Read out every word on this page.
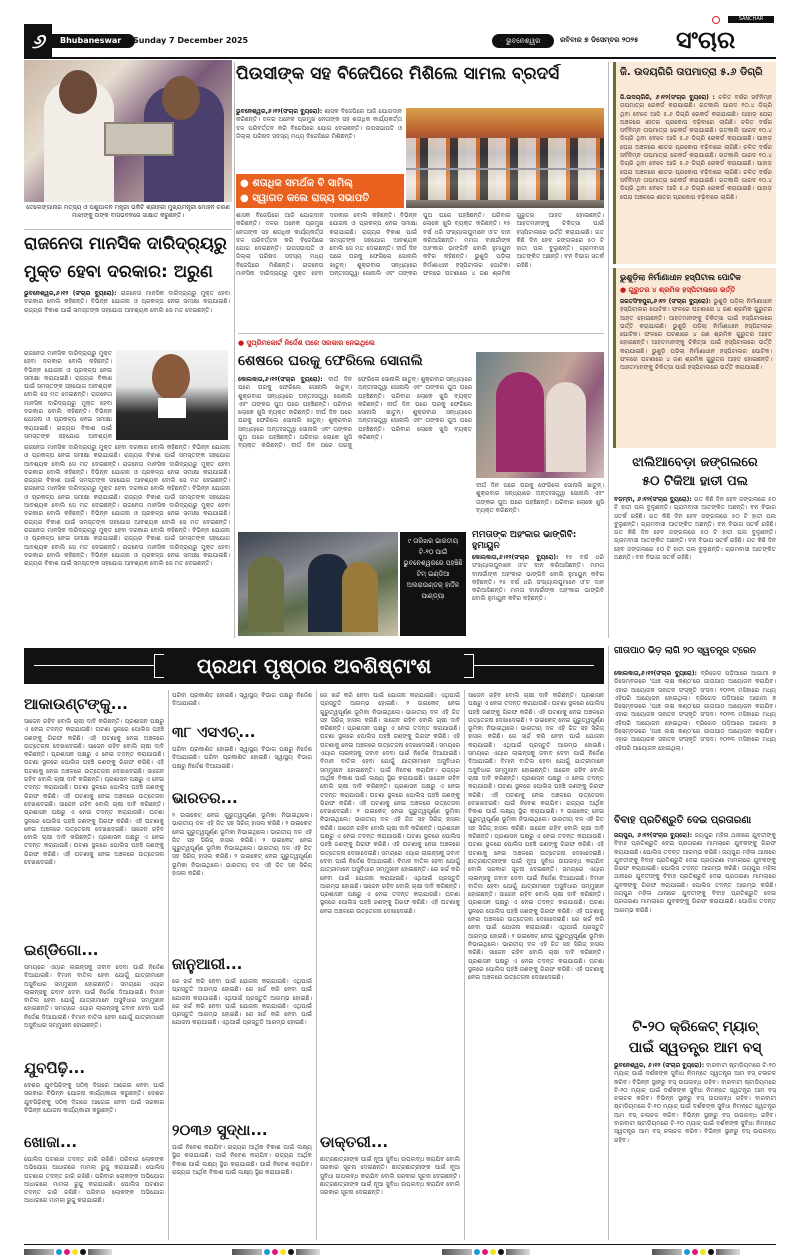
୬	Bhubaneswar	Sunday 7 December 2025	ଭୁବନେଶ୍ୱର	ରବିବାର ୭ ଡିସେମ୍ବର ୨୦୨୫
SANCHAR
ସଂଚାର
ତେଲେଙ୍ଗାନାର ମତ୍ସ୍ୟ ଓ ପଶୁପାଳନ ମନ୍ତ୍ରୀ ଭକିଟି ଶ୍ରୀହରୀ ମୁଖ୍ୟମନ୍ତ୍ରୀ ମୋହନ ଚରଣ ମାଝୀଙ୍କୁ ତାଙ୍କ ବାସଭବନରେ ସାକ୍ଷାତ କରୁଛନ୍ତି।
ପିଉସୀଙ୍କ ସହ ବିଜେପିରେ ମିଶିଲେ ସାମଲ ବ୍ରଦର୍ସ
ଭୁବନେଶ୍ୱର,୬।୧୨(ସଂଚାର ବ୍ୟୁରୋ): ଶାସକ ବିଜେପିରେ ଆଜି ଯୋଗଦାନ କରିଛନ୍ତି। ଦଳର ଅନେକ ପ୍ରମୁଖ ନେତାଙ୍କ ସହ ଶତାଧିକ କାର୍ଯ୍ୟକର୍ତ୍ତା ଦଳ ପରିବର୍ତ୍ତନ କରି ବିଜେପିରେ ଯୋଗ ଦେଇଛନ୍ତି। ଉପସଭାପତି ଓ ଜିଲ୍ଲା ପରିଷଦ ସଦସ୍ୟ ମଧ୍ୟ ବିଜେପିରେ ମିଶିଛନ୍ତି।
● ଶତାଧିକ ସମର୍ଥକ ବି ସାମିଲ୍
● ସ୍ୱାଗତ କଲେ ରାଜ୍ୟ ସଭାପତି
ଶାସକ ବିଜେପିରେ ଆଜି ଯୋଗଦାନ କରିଛନ୍ତି। ଦଳର ଅନେକ ପ୍ରମୁଖ ନେତାଙ୍କ ସହ ଶତାଧିକ କାର୍ଯ୍ୟକର୍ତ୍ତା ଦଳ ପରିବର୍ତ୍ତନ କରି ବିଜେପିରେ ଯୋଗ ଦେଇଛନ୍ତି। ଉପସଭାପତି ଓ ଜିଲ୍ଲା ପରିଷଦ ସଦସ୍ୟ ମଧ୍ୟ ବିଜେପିରେ ମିଶିଛନ୍ତି। ରାଜନେତା ମାନସିକ ଦାରିଦ୍ର୍ୟରୁ ମୁକ୍ତ ହେବା ଦରକାର ବୋଲି କହିଛନ୍ତି। ବିଭିନ୍ନ ଯୋଜନା ଓ ପ୍ରକଳ୍ପ ନେଇ ସମୀକ୍ଷା କରାଯାଇଛି। ରାଜ୍ୟର ବିକାଶ ପାଇଁ ସମସ୍ତଙ୍କ ସହଯୋଗ ଆବଶ୍ୟକ ବୋଲି ସେ ମତ ଦେଇଛନ୍ତି। ଦୀର୍ଘ ଦିନ ପରେ ଘରକୁ ଫେରିଲେ ସୋନାଲି ଖାତୁନ୍। ଶୁକ୍ରବାର ସନ୍ଧ୍ୟାରେ ଅନ୍ତଃସତ୍ତ୍ୱା ସୋନାଲି ଏବଂ ତାଙ୍କର ପୁଅ ଘରେ ପହଞ୍ଚିଛନ୍ତି। ପରିବାର ଲୋକେ ଖୁସି ବ୍ୟକ୍ତ କରିଛନ୍ତି। ୧୫ ବର୍ଷ ଧରି ସଂଖ୍ୟାଲଘୁମାନେ ଓ'ଟ ଦାନ କରିଆସିଛନ୍ତି। ମମତା ବାନାର୍ଜୀଙ୍କ ଅହଂକାର ଭାଙ୍ଗିବି ବୋଲି ହୁମାୟୁନ କବିର କହିଛନ୍ତି। ଭୁଶୁଡ଼ି ପଡ଼ିଲା ନିର୍ମାଣାଧୀନ ହସ୍ପିଟାଲର ପୋଟିକ। ଫଳରେ ଘଟଣାରେ ୪ ଜଣ ଶ୍ରମିକ ଗୁରୁତର ଆହତ ହୋଇଛନ୍ତି। ଆହତମାନଙ୍କୁ ଚିକିତ୍ସା ପାଇଁ ହସ୍ପିଟାଲରେ ଭର୍ତ୍ତି କରାଯାଇଛି। ଗତ କିଛି ଦିନ ହେବ ଜଙ୍ଗଲରେ ୫୦ ଟି ହାତୀ ପଲ ବୁଲୁଛନ୍ତି। ଗ୍ରାମବାସୀ ଆତଙ୍କିତ ଅଛନ୍ତି। ବନ ବିଭାଗ ସତର୍କ ରହିଛି।
ଜି. ଉଦୟଗିରି ତାପମାତ୍ରା ୫.୬ ଡିଗ୍ରି
ଜି.ଉଦୟଗିରି, ୬।୧୨(ସଂଚାର ବ୍ୟୁରୋ) : ଚଳିତ ବର୍ଷର ସର୍ବନିମ୍ନ ତାପମାତ୍ରା ରେକର୍ଡ କରାଯାଇଛି। ଗତକାଲି ପାରଦ ୧୦.୪ ଡିଗ୍ରି ଥିବା ବେଳେ ଆଜି ୫.୬ ଡିଗ୍ରି ରେକର୍ଡ କରାଯାଇଛି। ପାହାଡ଼ ଘେରା ଅଞ୍ଚଳରେ ଶୀତର ପ୍ରକୋପ ବଢ଼ିବାରେ ଲାଗିଛି। ଚଳିତ ବର୍ଷର ସର୍ବନିମ୍ନ ତାପମାତ୍ରା ରେକର୍ଡ କରାଯାଇଛି। ଗତକାଲି ପାରଦ ୧୦.୪ ଡିଗ୍ରି ଥିବା ବେଳେ ଆଜି ୫.୬ ଡିଗ୍ରି ରେକର୍ଡ କରାଯାଇଛି। ପାହାଡ଼ ଘେରା ଅଞ୍ଚଳରେ ଶୀତର ପ୍ରକୋପ ବଢ଼ିବାରେ ଲାଗିଛି। ଚଳିତ ବର୍ଷର ସର୍ବନିମ୍ନ ତାପମାତ୍ରା ରେକର୍ଡ କରାଯାଇଛି। ଗତକାଲି ପାରଦ ୧୦.୪ ଡିଗ୍ରି ଥିବା ବେଳେ ଆଜି ୫.୬ ଡିଗ୍ରି ରେକର୍ଡ କରାଯାଇଛି। ପାହାଡ଼ ଘେରା ଅଞ୍ଚଳରେ ଶୀତର ପ୍ରକୋପ ବଢ଼ିବାରେ ଲାଗିଛି। ଚଳିତ ବର୍ଷର ସର୍ବନିମ୍ନ ତାପମାତ୍ରା ରେକର୍ଡ କରାଯାଇଛି। ଗତକାଲି ପାରଦ ୧୦.୪ ଡିଗ୍ରି ଥିବା ବେଳେ ଆଜି ୫.୬ ଡିଗ୍ରି ରେକର୍ଡ କରାଯାଇଛି। ପାହାଡ଼ ଘେରା ଅଞ୍ଚଳରେ ଶୀତର ପ୍ରକୋପ ବଢ଼ିବାରେ ଲାଗିଛି।
ଭୁଶୁଡ଼ିଲା ନିର୍ମାଣାଧୀନ ହସ୍ପିଟାଲ ପୋଟିକ
● ଗୁରୁତର ୪ ଶ୍ରମିକ ହସ୍ପିଟାଲରେ ଭର୍ତ୍ତି
ଜଗତସିଂହପୁର,୬।୧୨ (ସଂଚାର ବ୍ୟୁରୋ): ଭୁଶୁଡ଼ି ପଡ଼ିଲା ନିର୍ମାଣାଧୀନ ହସ୍ପିଟାଲର ପୋଟିକ। ଫଳରେ ଘଟଣାରେ ୪ ଜଣ ଶ୍ରମିକ ଗୁରୁତର ଆହତ ହୋଇଛନ୍ତି। ଆହତମାନଙ୍କୁ ଚିକିତ୍ସା ପାଇଁ ହସ୍ପିଟାଲରେ ଭର୍ତ୍ତି କରାଯାଇଛି। ଭୁଶୁଡ଼ି ପଡ଼ିଲା ନିର୍ମାଣାଧୀନ ହସ୍ପିଟାଲର ପୋଟିକ। ଫଳରେ ଘଟଣାରେ ୪ ଜଣ ଶ୍ରମିକ ଗୁରୁତର ଆହତ ହୋଇଛନ୍ତି। ଆହତମାନଙ୍କୁ ଚିକିତ୍ସା ପାଇଁ ହସ୍ପିଟାଲରେ ଭର୍ତ୍ତି କରାଯାଇଛି। ଭୁଶୁଡ଼ି ପଡ଼ିଲା ନିର୍ମାଣାଧୀନ ହସ୍ପିଟାଲର ପୋଟିକ। ଫଳରେ ଘଟଣାରେ ୪ ଜଣ ଶ୍ରମିକ ଗୁରୁତର ଆହତ ହୋଇଛନ୍ତି। ଆହତମାନଙ୍କୁ ଚିକିତ୍ସା ପାଇଁ ହସ୍ପିଟାଲରେ ଭର୍ତ୍ତି କରାଯାଇଛି।
ଝାଲିଆବେଡ଼ା ଜଙ୍ଗଲରେ
୫୦ ଟିକିଆ ହାତୀ ପଲ
ବଡ଼ମ୍ବା, ୬।୧୨(ସଂଚାର ବ୍ୟୁରୋ): ଗତ କିଛି ଦିନ ହେବ ଜଙ୍ଗଲରେ ୫୦ ଟି ହାତୀ ପଲ ବୁଲୁଛନ୍ତି। ଗ୍ରାମବାସୀ ଆତଙ୍କିତ ଅଛନ୍ତି। ବନ ବିଭାଗ ସତର୍କ ରହିଛି। ଗତ କିଛି ଦିନ ହେବ ଜଙ୍ଗଲରେ ୫୦ ଟି ହାତୀ ପଲ ବୁଲୁଛନ୍ତି। ଗ୍ରାମବାସୀ ଆତଙ୍କିତ ଅଛନ୍ତି। ବନ ବିଭାଗ ସତର୍କ ରହିଛି। ଗତ କିଛି ଦିନ ହେବ ଜଙ୍ଗଲରେ ୫୦ ଟି ହାତୀ ପଲ ବୁଲୁଛନ୍ତି। ଗ୍ରାମବାସୀ ଆତଙ୍କିତ ଅଛନ୍ତି। ବନ ବିଭାଗ ସତର୍କ ରହିଛି। ଗତ କିଛି ଦିନ ହେବ ଜଙ୍ଗଲରେ ୫୦ ଟି ହାତୀ ପଲ ବୁଲୁଛନ୍ତି। ଗ୍ରାମବାସୀ ଆତଙ୍କିତ ଅଛନ୍ତି। ବନ ବିଭାଗ ସତର୍କ ରହିଛି।
ରାଜନେତା ମାନସିକ ଦାରିଦ୍ର୍ୟରୁ
ମୁକ୍ତ ହେବା ଦରକାର: ଅରୁଣ
ଭୁବନେଶ୍ୱର,୬।୧୨ (ସଂଚାର ବ୍ୟୁରୋ): ରାଜନେତା ମାନସିକ ଦାରିଦ୍ର୍ୟରୁ ମୁକ୍ତ ହେବା ଦରକାର ବୋଲି କହିଛନ୍ତି। ବିଭିନ୍ନ ଯୋଜନା ଓ ପ୍ରକଳ୍ପ ନେଇ ସମୀକ୍ଷା କରାଯାଇଛି। ରାଜ୍ୟର ବିକାଶ ପାଇଁ ସମସ୍ତଙ୍କ ସହଯୋଗ ଆବଶ୍ୟକ ବୋଲି ସେ ମତ ଦେଇଛନ୍ତି।
ରାଜନେତା ମାନସିକ ଦାରିଦ୍ର୍ୟରୁ ମୁକ୍ତ ହେବା ଦରକାର ବୋଲି କହିଛନ୍ତି। ବିଭିନ୍ନ ଯୋଜନା ଓ ପ୍ରକଳ୍ପ ନେଇ ସମୀକ୍ଷା କରାଯାଇଛି। ରାଜ୍ୟର ବିକାଶ ପାଇଁ ସମସ୍ତଙ୍କ ସହଯୋଗ ଆବଶ୍ୟକ ବୋଲି ସେ ମତ ଦେଇଛନ୍ତି। ରାଜନେତା ମାନସିକ ଦାରିଦ୍ର୍ୟରୁ ମୁକ୍ତ ହେବା ଦରକାର ବୋଲି କହିଛନ୍ତି। ବିଭିନ୍ନ ଯୋଜନା ଓ ପ୍ରକଳ୍ପ ନେଇ ସମୀକ୍ଷା କରାଯାଇଛି। ରାଜ୍ୟର ବିକାଶ ପାଇଁ ସମସ୍ତଙ୍କ ସହଯୋଗ ଆବଶ୍ୟକ
ରାଜନେତା ମାନସିକ ଦାରିଦ୍ର୍ୟରୁ ମୁକ୍ତ ହେବା ଦରକାର ବୋଲି କହିଛନ୍ତି। ବିଭିନ୍ନ ଯୋଜନା ଓ ପ୍ରକଳ୍ପ ନେଇ ସମୀକ୍ଷା କରାଯାଇଛି। ରାଜ୍ୟର ବିକାଶ ପାଇଁ ସମସ୍ତଙ୍କ ସହଯୋଗ ଆବଶ୍ୟକ ବୋଲି ସେ ମତ ଦେଇଛନ୍ତି। ରାଜନେତା ମାନସିକ ଦାରିଦ୍ର୍ୟରୁ ମୁକ୍ତ ହେବା ଦରକାର ବୋଲି କହିଛନ୍ତି। ବିଭିନ୍ନ ଯୋଜନା ଓ ପ୍ରକଳ୍ପ ନେଇ ସମୀକ୍ଷା କରାଯାଇଛି। ରାଜ୍ୟର ବିକାଶ ପାଇଁ ସମସ୍ତଙ୍କ ସହଯୋଗ ଆବଶ୍ୟକ ବୋଲି ସେ ମତ ଦେଇଛନ୍ତି। ରାଜନେତା ମାନସିକ ଦାରିଦ୍ର୍ୟରୁ ମୁକ୍ତ ହେବା ଦରକାର ବୋଲି କହିଛନ୍ତି। ବିଭିନ୍ନ ଯୋଜନା ଓ ପ୍ରକଳ୍ପ ନେଇ ସମୀକ୍ଷା କରାଯାଇଛି। ରାଜ୍ୟର ବିକାଶ ପାଇଁ ସମସ୍ତଙ୍କ ସହଯୋଗ ଆବଶ୍ୟକ ବୋଲି ସେ ମତ ଦେଇଛନ୍ତି। ରାଜନେତା ମାନସିକ ଦାରିଦ୍ର୍ୟରୁ ମୁକ୍ତ ହେବା ଦରକାର ବୋଲି କହିଛନ୍ତି। ବିଭିନ୍ନ ଯୋଜନା ଓ ପ୍ରକଳ୍ପ ନେଇ ସମୀକ୍ଷା କରାଯାଇଛି। ରାଜ୍ୟର ବିକାଶ ପାଇଁ ସମସ୍ତଙ୍କ ସହଯୋଗ ଆବଶ୍ୟକ ବୋଲି ସେ ମତ ଦେଇଛନ୍ତି। ରାଜନେତା ମାନସିକ ଦାରିଦ୍ର୍ୟରୁ ମୁକ୍ତ ହେବା ଦରକାର ବୋଲି କହିଛନ୍ତି। ବିଭିନ୍ନ ଯୋଜନା ଓ ପ୍ରକଳ୍ପ ନେଇ ସମୀକ୍ଷା କରାଯାଇଛି। ରାଜ୍ୟର ବିକାଶ ପାଇଁ ସମସ୍ତଙ୍କ ସହଯୋଗ ଆବଶ୍ୟକ ବୋଲି ସେ ମତ ଦେଇଛନ୍ତି। ରାଜନେତା ମାନସିକ ଦାରିଦ୍ର୍ୟରୁ ମୁକ୍ତ ହେବା ଦରକାର ବୋଲି କହିଛନ୍ତି। ବିଭିନ୍ନ ଯୋଜନା ଓ ପ୍ରକଳ୍ପ ନେଇ ସମୀକ୍ଷା କରାଯାଇଛି। ରାଜ୍ୟର ବିକାଶ ପାଇଁ ସମସ୍ତଙ୍କ ସହଯୋଗ ଆବଶ୍ୟକ ବୋଲି ସେ ମତ ଦେଇଛନ୍ତି।
● ସୁପ୍ରିମକୋର୍ଟ ନିର୍ଦ୍ଦେଶ ପରେ ସରକାର ନେଇଥିଲେ
ଶେଷରେ ଘରକୁ ଫେରିଲେ ସୋନାଲି
କୋଲକାତା,୬।୧୨(ସଂଚାର ବ୍ୟୁରୋ): ଦୀର୍ଘ ଦିନ ପରେ ଘରକୁ ଫେରିଲେ ସୋନାଲି ଖାତୁନ୍। ଶୁକ୍ରବାର ସନ୍ଧ୍ୟାରେ ଅନ୍ତଃସତ୍ତ୍ୱା ସୋନାଲି ଏବଂ ତାଙ୍କର ପୁଅ ଘରେ ପହଞ୍ଚିଛନ୍ତି। ପରିବାର ଲୋକେ ଖୁସି ବ୍ୟକ୍ତ କରିଛନ୍ତି। ଦୀର୍ଘ ଦିନ ପରେ ଘରକୁ ଫେରିଲେ ସୋନାଲି ଖାତୁନ୍। ଶୁକ୍ରବାର ସନ୍ଧ୍ୟାରେ ଅନ୍ତଃସତ୍ତ୍ୱା ସୋନାଲି ଏବଂ ତାଙ୍କର ପୁଅ ଘରେ ପହଞ୍ଚିଛନ୍ତି। ପରିବାର ଲୋକେ ଖୁସି ବ୍ୟକ୍ତ କରିଛନ୍ତି। ଦୀର୍ଘ ଦିନ ପରେ ଘରକୁ ଫେରିଲେ ସୋନାଲି ଖାତୁନ୍। ଶୁକ୍ରବାର ସନ୍ଧ୍ୟାରେ ଅନ୍ତଃସତ୍ତ୍ୱା ସୋନାଲି ଏବଂ ତାଙ୍କର ପୁଅ ଘରେ ପହଞ୍ଚିଛନ୍ତି। ପରିବାର ଲୋକେ ଖୁସି ବ୍ୟକ୍ତ କରିଛନ୍ତି। ଦୀର୍ଘ ଦିନ ପରେ ଘରକୁ ଫେରିଲେ ସୋନାଲି ଖାତୁନ୍। ଶୁକ୍ରବାର ସନ୍ଧ୍ୟାରେ ଅନ୍ତଃସତ୍ତ୍ୱା ସୋନାଲି ଏବଂ ତାଙ୍କର ପୁଅ ଘରେ ପହଞ୍ଚିଛନ୍ତି। ପରିବାର ଲୋକେ ଖୁସି ବ୍ୟକ୍ତ କରିଛନ୍ତି।
ଦୀର୍ଘ ଦିନ ପରେ ଘରକୁ ଫେରିଲେ ସୋନାଲି ଖାତୁନ୍। ଶୁକ୍ରବାର ସନ୍ଧ୍ୟାରେ ଅନ୍ତଃସତ୍ତ୍ୱା ସୋନାଲି ଏବଂ ତାଙ୍କର ପୁଅ ଘରେ ପହଞ୍ଚିଛନ୍ତି। ପରିବାର ଲୋକେ ଖୁସି ବ୍ୟକ୍ତ କରିଛନ୍ତି।
୯ ତାରିଖର ଭାରତୀୟ ଟି-୨୦ ପାଇଁ ଭୁବନେଶ୍ୱରରେ ପହଞ୍ଚିଛି ଟିମ୍ ଇଣ୍ଡିଆ ଅଲରାଉଣ୍ଡର୍ ହାର୍ଦ୍ଦିକ ପାଣ୍ଡ୍ୟା
ମମତାଙ୍କ ଅହଂକାର ଭାଙ୍ଗିବି: ହୁମାୟୁନ
କୋଲକାତା,୬।୧୨(ସଂଚାର ବ୍ୟୁରୋ): ୧୫ ବର୍ଷ ଧରି ସଂଖ୍ୟାଲଘୁମାନେ ଓ'ଟ ଦାନ କରିଆସିଛନ୍ତି। ମମତା ବାନାର୍ଜୀଙ୍କ ଅହଂକାର ଭାଙ୍ଗିବି ବୋଲି ହୁମାୟୁନ କବିର କହିଛନ୍ତି। ୧୫ ବର୍ଷ ଧରି ସଂଖ୍ୟାଲଘୁମାନେ ଓ'ଟ ଦାନ କରିଆସିଛନ୍ତି। ମମତା ବାନାର୍ଜୀଙ୍କ ଅହଂକାର ଭାଙ୍ଗିବି ବୋଲି ହୁମାୟୁନ କବିର କହିଛନ୍ତି।
ପ୍ରଥମ ପୃଷ୍ଠାର ଅବଶିଷ୍ଟାଂଶ
ଗୀତାପାଠ ଭିଡ଼ ଲାଗି ୨୦ ସ୍ୱତନ୍ତ୍ର ଟ୍ରେନ
କୋଲକାତା,୬।୧୨(ସଂଚାର ବ୍ୟୁରୋ): ବ୍ରିଗେଡ ପଡ଼ିଆରେ ଆଗାମୀ ୭ ଡିସେମ୍ବରରେ 'ପାଞ୍ଚ ଲକ୍ଷ କଣ୍ଠ'ରେ ଗୀତାପାଠ ଆୟୋଜନ କରାଯିବ। ଏହାର ଆୟୋଜକ ସନାତନ ସଂସ୍କୃତି ସଂସଦ। ୨୦୨୩ ମସିହାରେ ମଧ୍ୟ ଏହିପରି ଆୟୋଜନ ହୋଇଥିଲା। ବ୍ରିଗେଡ ପଡ଼ିଆରେ ଆଗାମୀ ୭ ଡିସେମ୍ବରରେ 'ପାଞ୍ଚ ଲକ୍ଷ କଣ୍ଠ'ରେ ଗୀତାପାଠ ଆୟୋଜନ କରାଯିବ। ଏହାର ଆୟୋଜକ ସନାତନ ସଂସ୍କୃତି ସଂସଦ। ୨୦୨୩ ମସିହାରେ ମଧ୍ୟ ଏହିପରି ଆୟୋଜନ ହୋଇଥିଲା। ବ୍ରିଗେଡ ପଡ଼ିଆରେ ଆଗାମୀ ୭ ଡିସେମ୍ବରରେ 'ପାଞ୍ଚ ଲକ୍ଷ କଣ୍ଠ'ରେ ଗୀତାପାଠ ଆୟୋଜନ କରାଯିବ। ଏହାର ଆୟୋଜକ ସନାତନ ସଂସ୍କୃତି ସଂସଦ। ୨୦୨୩ ମସିହାରେ ମଧ୍ୟ ଏହିପରି ଆୟୋଜନ ହୋଇଥିଲା।
ବିବାହ ପ୍ରତିଶ୍ରୁତି ଦେଇ ପ୍ରତାରଣା
ଜୟପୁର, ୬।୧୨(ସଂଚାର ବ୍ୟୁରୋ): ଜୟପୁର ମହିଳା ଥାନାରେ ଯୁବତୀଙ୍କୁ ବିବାହ ପ୍ରତିଶ୍ରୁତି ଦେଇ ପ୍ରତାରଣା ମାମଲାରେ ଯୁବକଙ୍କୁ ଗିରଫ କରାଯାଇଛି। ପୋଲିସ ତଦନ୍ତ ଆରମ୍ଭ କରିଛି। ଜୟପୁର ମହିଳା ଥାନାରେ ଯୁବତୀଙ୍କୁ ବିବାହ ପ୍ରତିଶ୍ରୁତି ଦେଇ ପ୍ରତାରଣା ମାମଲାରେ ଯୁବକଙ୍କୁ ଗିରଫ କରାଯାଇଛି। ପୋଲିସ ତଦନ୍ତ ଆରମ୍ଭ କରିଛି। ଜୟପୁର ମହିଳା ଥାନାରେ ଯୁବତୀଙ୍କୁ ବିବାହ ପ୍ରତିଶ୍ରୁତି ଦେଇ ପ୍ରତାରଣା ମାମଲାରେ ଯୁବକଙ୍କୁ ଗିରଫ କରାଯାଇଛି। ପୋଲିସ ତଦନ୍ତ ଆରମ୍ଭ କରିଛି। ଜୟପୁର ମହିଳା ଥାନାରେ ଯୁବତୀଙ୍କୁ ବିବାହ ପ୍ରତିଶ୍ରୁତି ଦେଇ ପ୍ରତାରଣା ମାମଲାରେ ଯୁବକଙ୍କୁ ଗିରଫ କରାଯାଇଛି। ପୋଲିସ ତଦନ୍ତ ଆରମ୍ଭ କରିଛି।
ଟି-୨୦ କ୍ରିକେଟ୍ ମ୍ୟାଚ୍
ପାଇଁ ସ୍ୱତନ୍ତ୍ର ଆମ ବସ୍
ଭୁବନେଶ୍ୱର, ୬।୧୨ (ସଂଚାର ବ୍ୟୁରୋ): ବାରବାଟୀ ଷ୍ଟାଡିୟମରେ ଟି-୨୦ ମ୍ୟାଚ୍ ପାଇଁ ଦର୍ଶକଙ୍କ ସୁବିଧା ନିମନ୍ତେ ସ୍ୱତନ୍ତ୍ର ଆମ ବସ୍ ଚଳାଚଳ କରିବ। ବିଭିନ୍ନ ସ୍ଥାନରୁ ବସ୍ ଉପଲବ୍ଧ ରହିବ। ବାରବାଟୀ ଷ୍ଟାଡିୟମରେ ଟି-୨୦ ମ୍ୟାଚ୍ ପାଇଁ ଦର୍ଶକଙ୍କ ସୁବିଧା ନିମନ୍ତେ ସ୍ୱତନ୍ତ୍ର ଆମ ବସ୍ ଚଳାଚଳ କରିବ। ବିଭିନ୍ନ ସ୍ଥାନରୁ ବସ୍ ଉପଲବ୍ଧ ରହିବ। ବାରବାଟୀ ଷ୍ଟାଡିୟମରେ ଟି-୨୦ ମ୍ୟାଚ୍ ପାଇଁ ଦର୍ଶକଙ୍କ ସୁବିଧା ନିମନ୍ତେ ସ୍ୱତନ୍ତ୍ର ଆମ ବସ୍ ଚଳାଚଳ କରିବ। ବିଭିନ୍ନ ସ୍ଥାନରୁ ବସ୍ ଉପଲବ୍ଧ ରହିବ। ବାରବାଟୀ ଷ୍ଟାଡିୟମରେ ଟି-୨୦ ମ୍ୟାଚ୍ ପାଇଁ ଦର୍ଶକଙ୍କ ସୁବିଧା ନିମନ୍ତେ ସ୍ୱତନ୍ତ୍ର ଆମ ବସ୍ ଚଳାଚଳ କରିବ। ବିଭିନ୍ନ ସ୍ଥାନରୁ ବସ୍ ଉପଲବ୍ଧ ରହିବ।
ଆକାଉଣ୍ଟଙ୍କୁ...
ସାଜେନ ରହିବ ବୋଲି ଚାଷୀ ଦାବି କରିଛନ୍ତି। ପ୍ରଶାସନ ପକ୍ଷରୁ ଏ ନେଇ ତଦନ୍ତ କରାଯାଉଛି। ଘଟଣା ସ୍ଥଳରେ ପୋଲିସ ପହଞ୍ଚି ଜଣଙ୍କୁ ଗିରଫ କରିଛି। ଏହି ଘଟଣାକୁ ନେଇ ଅଞ୍ଚଳରେ ଉତ୍ତେଜନା ଦେଖାଦେଇଛି। ସାଜେନ ରହିବ ବୋଲି ଚାଷୀ ଦାବି କରିଛନ୍ତି। ପ୍ରଶାସନ ପକ୍ଷରୁ ଏ ନେଇ ତଦନ୍ତ କରାଯାଉଛି। ଘଟଣା ସ୍ଥଳରେ ପୋଲିସ ପହଞ୍ଚି ଜଣଙ୍କୁ ଗିରଫ କରିଛି। ଏହି ଘଟଣାକୁ ନେଇ ଅଞ୍ଚଳରେ ଉତ୍ତେଜନା ଦେଖାଦେଇଛି। ସାଜେନ ରହିବ ବୋଲି ଚାଷୀ ଦାବି କରିଛନ୍ତି। ପ୍ରଶାସନ ପକ୍ଷରୁ ଏ ନେଇ ତଦନ୍ତ କରାଯାଉଛି। ଘଟଣା ସ୍ଥଳରେ ପୋଲିସ ପହଞ୍ଚି ଜଣଙ୍କୁ ଗିରଫ କରିଛି। ଏହି ଘଟଣାକୁ ନେଇ ଅଞ୍ଚଳରେ ଉତ୍ତେଜନା ଦେଖାଦେଇଛି। ସାଜେନ ରହିବ ବୋଲି ଚାଷୀ ଦାବି କରିଛନ୍ତି। ପ୍ରଶାସନ ପକ୍ଷରୁ ଏ ନେଇ ତଦନ୍ତ କରାଯାଉଛି। ଘଟଣା ସ୍ଥଳରେ ପୋଲିସ ପହଞ୍ଚି ଜଣଙ୍କୁ ଗିରଫ କରିଛି। ଏହି ଘଟଣାକୁ ନେଇ ଅଞ୍ଚଳରେ ଉତ୍ତେଜନା ଦେଖାଦେଇଛି। ସାଜେନ ରହିବ ବୋଲି ଚାଷୀ ଦାବି କରିଛନ୍ତି। ପ୍ରଶାସନ ପକ୍ଷରୁ ଏ ନେଇ ତଦନ୍ତ କରାଯାଉଛି। ଘଟଣା ସ୍ଥଳରେ ପୋଲିସ ପହଞ୍ଚି ଜଣଙ୍କୁ ଗିରଫ କରିଛି। ଏହି ଘଟଣାକୁ ନେଇ ଅଞ୍ଚଳରେ ଉତ୍ତେଜନା ଦେଖାଦେଇଛି।
ଇଣ୍ଡିଗୋ...
ସମୟରେ ଏୟାର ଲାଇନ୍ସକୁ ଜବାବ ଦେବା ପାଇଁ ନିର୍ଦ୍ଦେଶ ଦିଆଯାଇଛି। ବିମାନ ବାତିଲ ହେବା ଯୋଗୁଁ ଯାତ୍ରୀମାନେ ଅସୁବିଧାର ସମ୍ମୁଖୀନ ହୋଇଛନ୍ତି। ସମୟରେ ଏୟାର ଲାଇନ୍ସକୁ ଜବାବ ଦେବା ପାଇଁ ନିର୍ଦ୍ଦେଶ ଦିଆଯାଇଛି। ବିମାନ ବାତିଲ ହେବା ଯୋଗୁଁ ଯାତ୍ରୀମାନେ ଅସୁବିଧାର ସମ୍ମୁଖୀନ ହୋଇଛନ୍ତି। ସମୟରେ ଏୟାର ଲାଇନ୍ସକୁ ଜବାବ ଦେବା ପାଇଁ ନିର୍ଦ୍ଦେଶ ଦିଆଯାଇଛି। ବିମାନ ବାତିଲ ହେବା ଯୋଗୁଁ ଯାତ୍ରୀମାନେ ଅସୁବିଧାର ସମ୍ମୁଖୀନ ହୋଇଛନ୍ତି।
ଯୁବପିଢ଼ି...
ଦେଶର ଯୁବପିଢ଼ିଙ୍କୁ ସଠିକ୍ ଦିଗରେ ଆଗେଇ ନେବା ପାଇଁ ସରକାର ବିଭିନ୍ନ ଯୋଜନା କାର୍ଯ୍ୟକାରୀ କରୁଛନ୍ତି। ଦେଶର ଯୁବପିଢ଼ିଙ୍କୁ ସଠିକ୍ ଦିଗରେ ଆଗେଇ ନେବା ପାଇଁ ସରକାର ବିଭିନ୍ନ ଯୋଜନା କାର୍ଯ୍ୟକାରୀ କରୁଛନ୍ତି।
ଖୋଜା...
ପୋଲିସ ଘଟଣାର ତଦନ୍ତ ଜାରି ରଖିଛି। ପରିବାର ଲୋକଙ୍କ ଅଭିଯୋଗ ଆଧାରରେ ମାମଲା ରୁଜୁ କରାଯାଇଛି। ପୋଲିସ ଘଟଣାର ତଦନ୍ତ ଜାରି ରଖିଛି। ପରିବାର ଲୋକଙ୍କ ଅଭିଯୋଗ ଆଧାରରେ ମାମଲା ରୁଜୁ କରାଯାଇଛି। ପୋଲିସ ଘଟଣାର ତଦନ୍ତ ଜାରି ରଖିଛି। ପରିବାର ଲୋକଙ୍କ ଅଭିଯୋଗ ଆଧାରରେ ମାମଲା ରୁଜୁ କରାଯାଇଛି।
ପରିବା ପ୍ରକାଶିତ ହୋଇଛି। ସ୍ୱାସ୍ଥ୍ୟ ବିଭାଗ ପକ୍ଷରୁ ନିର୍ଦ୍ଦେଶ ଦିଆଯାଇଛି।
୩୮ ଏସଏଚ୍...
ପରିବା ପ୍ରକାଶିତ ହୋଇଛି। ସ୍ୱାସ୍ଥ୍ୟ ବିଭାଗ ପକ୍ଷରୁ ନିର୍ଦ୍ଦେଶ ଦିଆଯାଇଛି। ପରିବା ପ୍ରକାଶିତ ହୋଇଛି। ସ୍ୱାସ୍ଥ୍ୟ ବିଭାଗ ପକ୍ଷରୁ ନିର୍ଦ୍ଦେଶ ଦିଆଯାଇଛି।
ଭାରତର...
୨ ଉଇକେଟ୍ ନେଇ ଗୁରୁତ୍ୱପୂର୍ଣ୍ଣ ଭୂମିକା ନିଭାଇଥିଲେ। ଭାରତୀୟ ଦଳ ଏହି ଜିତ ସହ ସିରିଜ୍ ହାସଲ କରିଛି। ୨ ଉଇକେଟ୍ ନେଇ ଗୁରୁତ୍ୱପୂର୍ଣ୍ଣ ଭୂମିକା ନିଭାଇଥିଲେ। ଭାରତୀୟ ଦଳ ଏହି ଜିତ ସହ ସିରିଜ୍ ହାସଲ କରିଛି। ୨ ଉଇକେଟ୍ ନେଇ ଗୁରୁତ୍ୱପୂର୍ଣ୍ଣ ଭୂମିକା ନିଭାଇଥିଲେ। ଭାରତୀୟ ଦଳ ଏହି ଜିତ ସହ ସିରିଜ୍ ହାସଲ କରିଛି। ୨ ଉଇକେଟ୍ ନେଇ ଗୁରୁତ୍ୱପୂର୍ଣ୍ଣ ଭୂମିକା ନିଭାଇଥିଲେ। ଭାରତୀୟ ଦଳ ଏହି ଜିତ ସହ ସିରିଜ୍ ହାସଲ କରିଛି।
ଜାନୁଆରୀ...
ରେ ଖର୍ଚ୍ଚ କରି ନେବା ପାଇଁ ଯୋଜନା କରାଯାଇଛି। ଏଥିପାଇଁ ପ୍ରସ୍ତୁତି ଆରମ୍ଭ ହୋଇଛି। ରେ ଖର୍ଚ୍ଚ କରି ନେବା ପାଇଁ ଯୋଜନା କରାଯାଇଛି। ଏଥିପାଇଁ ପ୍ରସ୍ତୁତି ଆରମ୍ଭ ହୋଇଛି। ରେ ଖର୍ଚ୍ଚ କରି ନେବା ପାଇଁ ଯୋଜନା କରାଯାଇଛି। ଏଥିପାଇଁ ପ୍ରସ୍ତୁତି ଆରମ୍ଭ ହୋଇଛି। ରେ ଖର୍ଚ୍ଚ କରି ନେବା ପାଇଁ ଯୋଜନା କରାଯାଇଛି। ଏଥିପାଇଁ ପ୍ରସ୍ତୁତି ଆରମ୍ଭ ହୋଇଛି।
୨୦୩୬ ସୁଦ୍ଧା...
ପାଇଁ ନିବେଶ କରାଯିବ। ରାଜ୍ୟର ଆର୍ଥିକ ବିକାଶ ପାଇଁ ଲକ୍ଷ୍ୟ ସ୍ଥିର କରାଯାଇଛି। ପାଇଁ ନିବେଶ କରାଯିବ। ରାଜ୍ୟର ଆର୍ଥିକ ବିକାଶ ପାଇଁ ଲକ୍ଷ୍ୟ ସ୍ଥିର କରାଯାଇଛି। ପାଇଁ ନିବେଶ କରାଯିବ। ରାଜ୍ୟର ଆର୍ଥିକ ବିକାଶ ପାଇଁ ଲକ୍ଷ୍ୟ ସ୍ଥିର କରାଯାଇଛି।
ରେ ଖର୍ଚ୍ଚ କରି ନେବା ପାଇଁ ଯୋଜନା କରାଯାଇଛି। ଏଥିପାଇଁ ପ୍ରସ୍ତୁତି ଆରମ୍ଭ ହୋଇଛି। ୨ ଉଇକେଟ୍ ନେଇ ଗୁରୁତ୍ୱପୂର୍ଣ୍ଣ ଭୂମିକା ନିଭାଇଥିଲେ। ଭାରତୀୟ ଦଳ ଏହି ଜିତ ସହ ସିରିଜ୍ ହାସଲ କରିଛି। ସାଜେନ ରହିବ ବୋଲି ଚାଷୀ ଦାବି କରିଛନ୍ତି। ପ୍ରଶାସନ ପକ୍ଷରୁ ଏ ନେଇ ତଦନ୍ତ କରାଯାଉଛି। ଘଟଣା ସ୍ଥଳରେ ପୋଲିସ ପହଞ୍ଚି ଜଣଙ୍କୁ ଗିରଫ କରିଛି। ଏହି ଘଟଣାକୁ ନେଇ ଅଞ୍ଚଳରେ ଉତ୍ତେଜନା ଦେଖାଦେଇଛି। ସମୟରେ ଏୟାର ଲାଇନ୍ସକୁ ଜବାବ ଦେବା ପାଇଁ ନିର୍ଦ୍ଦେଶ ଦିଆଯାଇଛି। ବିମାନ ବାତିଲ ହେବା ଯୋଗୁଁ ଯାତ୍ରୀମାନେ ଅସୁବିଧାର ସମ୍ମୁଖୀନ ହୋଇଛନ୍ତି। ପାଇଁ ନିବେଶ କରାଯିବ। ରାଜ୍ୟର ଆର୍ଥିକ ବିକାଶ ପାଇଁ ଲକ୍ଷ୍ୟ ସ୍ଥିର କରାଯାଇଛି। ସାଜେନ ରହିବ ବୋଲି ଚାଷୀ ଦାବି କରିଛନ୍ତି। ପ୍ରଶାସନ ପକ୍ଷରୁ ଏ ନେଇ ତଦନ୍ତ କରାଯାଉଛି। ଘଟଣା ସ୍ଥଳରେ ପୋଲିସ ପହଞ୍ଚି ଜଣଙ୍କୁ ଗିରଫ କରିଛି। ଏହି ଘଟଣାକୁ ନେଇ ଅଞ୍ଚଳରେ ଉତ୍ତେଜନା ଦେଖାଦେଇଛି। ୨ ଉଇକେଟ୍ ନେଇ ଗୁରୁତ୍ୱପୂର୍ଣ୍ଣ ଭୂମିକା ନିଭାଇଥିଲେ। ଭାରତୀୟ ଦଳ ଏହି ଜିତ ସହ ସିରିଜ୍ ହାସଲ କରିଛି। ସାଜେନ ରହିବ ବୋଲି ଚାଷୀ ଦାବି କରିଛନ୍ତି। ପ୍ରଶାସନ ପକ୍ଷରୁ ଏ ନେଇ ତଦନ୍ତ କରାଯାଉଛି। ଘଟଣା ସ୍ଥଳରେ ପୋଲିସ ପହଞ୍ଚି ଜଣଙ୍କୁ ଗିରଫ କରିଛି। ଏହି ଘଟଣାକୁ ନେଇ ଅଞ୍ଚଳରେ ଉତ୍ତେଜନା ଦେଖାଦେଇଛି। ସମୟରେ ଏୟାର ଲାଇନ୍ସକୁ ଜବାବ ଦେବା ପାଇଁ ନିର୍ଦ୍ଦେଶ ଦିଆଯାଇଛି। ବିମାନ ବାତିଲ ହେବା ଯୋଗୁଁ ଯାତ୍ରୀମାନେ ଅସୁବିଧାର ସମ୍ମୁଖୀନ ହୋଇଛନ୍ତି। ରେ ଖର୍ଚ୍ଚ କରି ନେବା ପାଇଁ ଯୋଜନା କରାଯାଇଛି। ଏଥିପାଇଁ ପ୍ରସ୍ତୁତି ଆରମ୍ଭ ହୋଇଛି। ସାଜେନ ରହିବ ବୋଲି ଚାଷୀ ଦାବି କରିଛନ୍ତି। ପ୍ରଶାସନ ପକ୍ଷରୁ ଏ ନେଇ ତଦନ୍ତ କରାଯାଉଛି। ଘଟଣା ସ୍ଥଳରେ ପୋଲିସ ପହଞ୍ଚି ଜଣଙ୍କୁ ଗିରଫ କରିଛି। ଏହି ଘଟଣାକୁ ନେଇ ଅଞ୍ଚଳରେ ଉତ୍ତେଜନା ଦେଖାଦେଇଛି।
ଡାକ୍ତରୀ...
ଛାତ୍ରଛାତ୍ରୀଙ୍କ ପାଇଁ ନୂଆ ସୁବିଧା ଉପଲବ୍ଧ କରାଯିବ ବୋଲି ସରକାର ସୂଚନା ଦେଇଛନ୍ତି। ଛାତ୍ରଛାତ୍ରୀଙ୍କ ପାଇଁ ନୂଆ ସୁବିଧା ଉପଲବ୍ଧ କରାଯିବ ବୋଲି ସରକାର ସୂଚନା ଦେଇଛନ୍ତି। ଛାତ୍ରଛାତ୍ରୀଙ୍କ ପାଇଁ ନୂଆ ସୁବିଧା ଉପଲବ୍ଧ କରାଯିବ ବୋଲି ସରକାର ସୂଚନା ଦେଇଛନ୍ତି।
ସାଜେନ ରହିବ ବୋଲି ଚାଷୀ ଦାବି କରିଛନ୍ତି। ପ୍ରଶାସନ ପକ୍ଷରୁ ଏ ନେଇ ତଦନ୍ତ କରାଯାଉଛି। ଘଟଣା ସ୍ଥଳରେ ପୋଲିସ ପହଞ୍ଚି ଜଣଙ୍କୁ ଗିରଫ କରିଛି। ଏହି ଘଟଣାକୁ ନେଇ ଅଞ୍ଚଳରେ ଉତ୍ତେଜନା ଦେଖାଦେଇଛି। ୨ ଉଇକେଟ୍ ନେଇ ଗୁରୁତ୍ୱପୂର୍ଣ୍ଣ ଭୂମିକା ନିଭାଇଥିଲେ। ଭାରତୀୟ ଦଳ ଏହି ଜିତ ସହ ସିରିଜ୍ ହାସଲ କରିଛି। ରେ ଖର୍ଚ୍ଚ କରି ନେବା ପାଇଁ ଯୋଜନା କରାଯାଇଛି। ଏଥିପାଇଁ ପ୍ରସ୍ତୁତି ଆରମ୍ଭ ହୋଇଛି। ସମୟରେ ଏୟାର ଲାଇନ୍ସକୁ ଜବାବ ଦେବା ପାଇଁ ନିର୍ଦ୍ଦେଶ ଦିଆଯାଇଛି। ବିମାନ ବାତିଲ ହେବା ଯୋଗୁଁ ଯାତ୍ରୀମାନେ ଅସୁବିଧାର ସମ୍ମୁଖୀନ ହୋଇଛନ୍ତି। ସାଜେନ ରହିବ ବୋଲି ଚାଷୀ ଦାବି କରିଛନ୍ତି। ପ୍ରଶାସନ ପକ୍ଷରୁ ଏ ନେଇ ତଦନ୍ତ କରାଯାଉଛି। ଘଟଣା ସ୍ଥଳରେ ପୋଲିସ ପହଞ୍ଚି ଜଣଙ୍କୁ ଗିରଫ କରିଛି। ଏହି ଘଟଣାକୁ ନେଇ ଅଞ୍ଚଳରେ ଉତ୍ତେଜନା ଦେଖାଦେଇଛି। ପାଇଁ ନିବେଶ କରାଯିବ। ରାଜ୍ୟର ଆର୍ଥିକ ବିକାଶ ପାଇଁ ଲକ୍ଷ୍ୟ ସ୍ଥିର କରାଯାଇଛି। ୨ ଉଇକେଟ୍ ନେଇ ଗୁରୁତ୍ୱପୂର୍ଣ୍ଣ ଭୂମିକା ନିଭାଇଥିଲେ। ଭାରତୀୟ ଦଳ ଏହି ଜିତ ସହ ସିରିଜ୍ ହାସଲ କରିଛି। ସାଜେନ ରହିବ ବୋଲି ଚାଷୀ ଦାବି କରିଛନ୍ତି। ପ୍ରଶାସନ ପକ୍ଷରୁ ଏ ନେଇ ତଦନ୍ତ କରାଯାଉଛି। ଘଟଣା ସ୍ଥଳରେ ପୋଲିସ ପହଞ୍ଚି ଜଣଙ୍କୁ ଗିରଫ କରିଛି। ଏହି ଘଟଣାକୁ ନେଇ ଅଞ୍ଚଳରେ ଉତ୍ତେଜନା ଦେଖାଦେଇଛି। ଛାତ୍ରଛାତ୍ରୀଙ୍କ ପାଇଁ ନୂଆ ସୁବିଧା ଉପଲବ୍ଧ କରାଯିବ ବୋଲି ସରକାର ସୂଚନା ଦେଇଛନ୍ତି। ସମୟରେ ଏୟାର ଲାଇନ୍ସକୁ ଜବାବ ଦେବା ପାଇଁ ନିର୍ଦ୍ଦେଶ ଦିଆଯାଇଛି। ବିମାନ ବାତିଲ ହେବା ଯୋଗୁଁ ଯାତ୍ରୀମାନେ ଅସୁବିଧାର ସମ୍ମୁଖୀନ ହୋଇଛନ୍ତି। ସାଜେନ ରହିବ ବୋଲି ଚାଷୀ ଦାବି କରିଛନ୍ତି। ପ୍ରଶାସନ ପକ୍ଷରୁ ଏ ନେଇ ତଦନ୍ତ କରାଯାଉଛି। ଘଟଣା ସ୍ଥଳରେ ପୋଲିସ ପହଞ୍ଚି ଜଣଙ୍କୁ ଗିରଫ କରିଛି। ଏହି ଘଟଣାକୁ ନେଇ ଅଞ୍ଚଳରେ ଉତ୍ତେଜନା ଦେଖାଦେଇଛି। ରେ ଖର୍ଚ୍ଚ କରି ନେବା ପାଇଁ ଯୋଜନା କରାଯାଇଛି। ଏଥିପାଇଁ ପ୍ରସ୍ତୁତି ଆରମ୍ଭ ହୋଇଛି। ୨ ଉଇକେଟ୍ ନେଇ ଗୁରୁତ୍ୱପୂର୍ଣ୍ଣ ଭୂମିକା ନିଭାଇଥିଲେ। ଭାରତୀୟ ଦଳ ଏହି ଜିତ ସହ ସିରିଜ୍ ହାସଲ କରିଛି। ସାଜେନ ରହିବ ବୋଲି ଚାଷୀ ଦାବି କରିଛନ୍ତି। ପ୍ରଶାସନ ପକ୍ଷରୁ ଏ ନେଇ ତଦନ୍ତ କରାଯାଉଛି। ଘଟଣା ସ୍ଥଳରେ ପୋଲିସ ପହଞ୍ଚି ଜଣଙ୍କୁ ଗିରଫ କରିଛି। ଏହି ଘଟଣାକୁ ନେଇ ଅଞ୍ଚଳରେ ଉତ୍ତେଜନା ଦେଖାଦେଇଛି।
